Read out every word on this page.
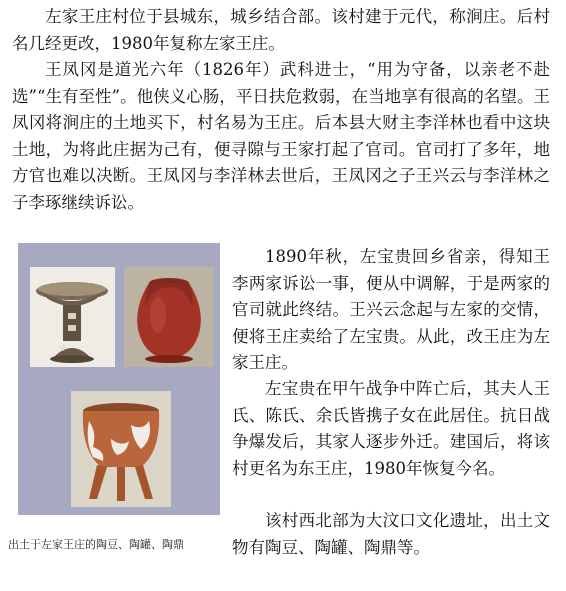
左家王庄村位于县城东，城乡结合部。该村建于元代，称涧庄。后村名几经更改，1980年复称左家王庄。

王凤冈是道光六年（1826年）武科进士，“用为守备，以亲老不赴选”“生有至性”。他侠义心肠，平日扶危救弱，在当地享有很高的名望。王凤冈将涧庄的土地买下，村名易为王庄。后本县大财主李洋林也看中这块土地，为将此庄据为己有，便寻隙与王家打起了官司。官司打了多年，地方官也难以决断。王凤冈与李洋林去世后，王凤冈之子王兴云与李洋林之子李琢继续诉讼。

1890年秋，左宝贵回乡省亲，得知王李两家诉讼一事，便从中调解，于是两家的官司就此终结。王兴云念起与左家的交情，便将王庄卖给了左宝贵。从此，改王庄为左家王庄。

左宝贵在甲午战争中阵亡后，其夫人王氏、陈氏、余氏皆携子女在此居住。抗日战争爆发后，其家人逐步外迁。建国后，将该村更名为东王庄，1980年恢复今名。

该村西北部为大汶口文化遗址，出土文物有陶豆、陶罐、陶鼎等。

出土于左家王庄的陶豆、陶罐、陶鼎
